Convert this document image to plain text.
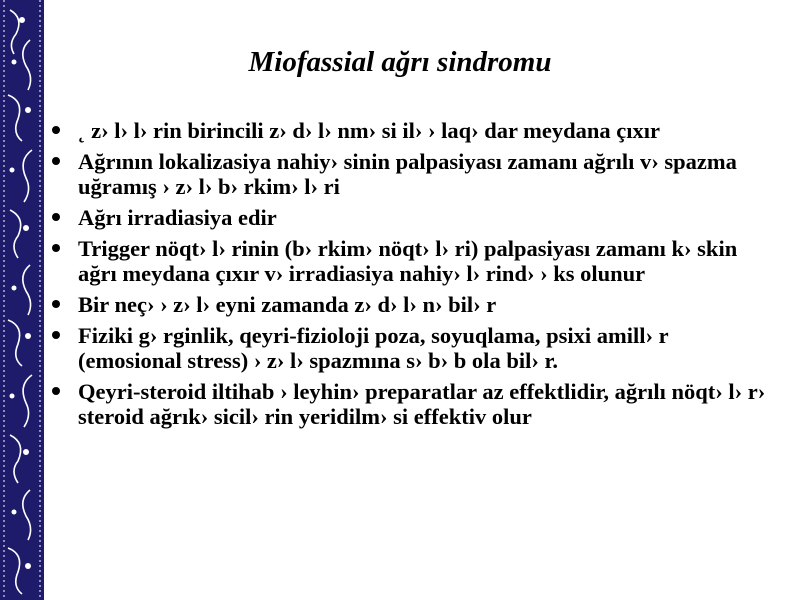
Miofassial ağrı sindromu
˛ z› l› l› rin birincili z› d› l› nm› si il› › laq› dar meydana çıxır
Ağrının lokalizasiya nahiy› sinin palpasiyası zamanı ağrılı v› spazma uğramış › z› l› b› rkim› l› ri
Ağrı irradiasiya edir
Trigger nöqt› l› rinin (b› rkim› nöqt› l› ri) palpasiyası zamanı k› skin ağrı meydana çıxır v› irradiasiya nahiy› l› rind› › ks olunur
Bir neç› › z› l› eyni zamanda z› d› l› n› bil› r
Fiziki g› rginlik, qeyri-fizioloji poza, soyuqlama, psixi amill› r (emosional stress) › z› l› spazmına s› b› b ola bil› r.
Qeyri-steroid iltihab › leyhin› preparatlar az effektlidir, ağrılı nöqt› l› r› steroid ağrık› sicil› rin yeridilm› si effektiv olur
